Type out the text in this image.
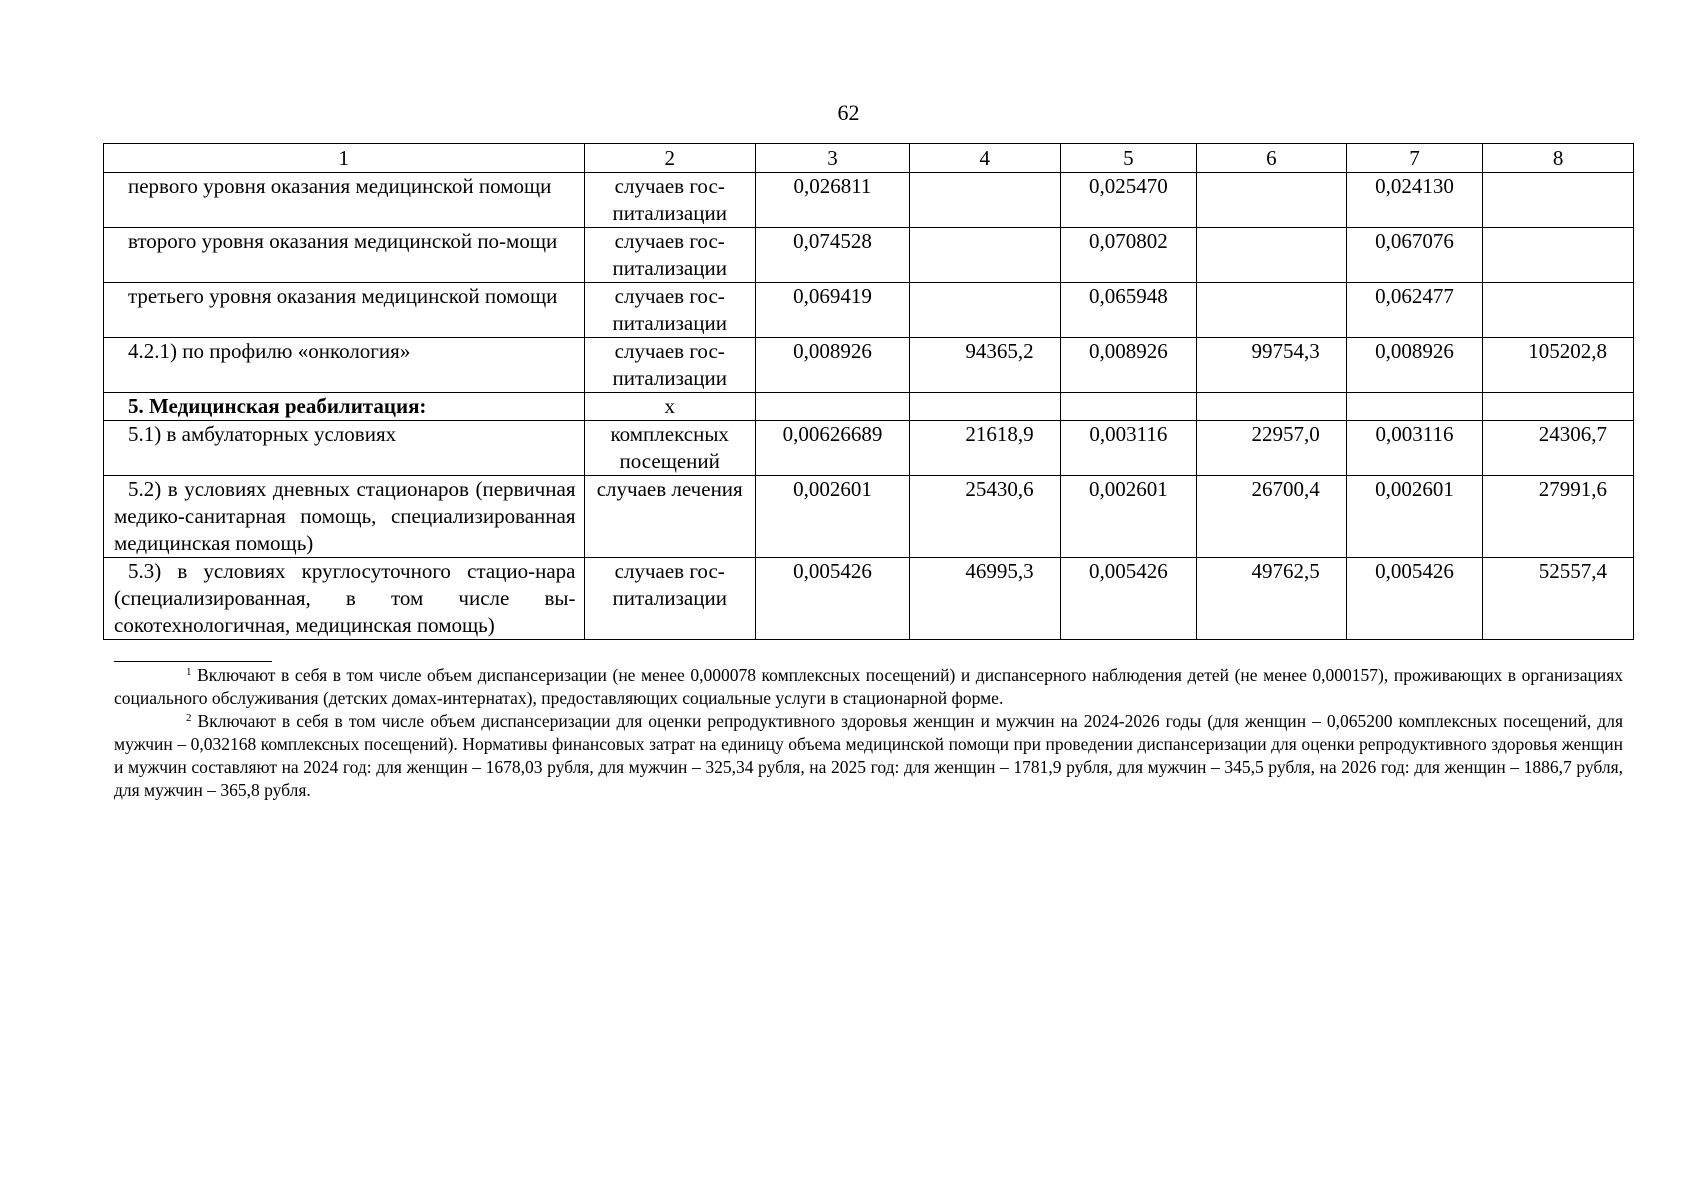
62
1	2	3	4	5	6	7	8

первого уровня оказания медицинской помощи	случаев гос-питализации	0,026811		0,025470		0,024130	

второго уровня оказания медицинской по-мощи	случаев гос-питализации	0,074528		0,070802		0,067076	

третьего уровня оказания медицинской помощи	случаев гос-питализации	0,069419		0,065948		0,062477	

4.2.1) по профилю «онкология»	случаев гос-питализации	0,008926	94365,2	0,008926	99754,3	0,008926	105202,8

5. Медицинская реабилитация:	х						

5.1) в амбулаторных условиях	комплексных посещений	0,00626689	21618,9	0,003116	22957,0	0,003116	24306,7

5.2) в условиях дневных стационаров (первичная медико-санитарная помощь, специализированная медицинская помощь)	случаев лечения	0,002601	25430,6	0,002601	26700,4	0,002601	27991,6

5.3) в условиях круглосуточного стацио-нара (специализированная, в том числе вы-сокотехнологичная, медицинская помощь)	случаев гос-питализации	0,005426	46995,3	0,005426	49762,5	0,005426	52557,4

$^1$ Включают в себя в том числе объем диспансеризации (не менее 0,000078 комплексных посещений) и диспансерного наблюдения детей (не менее 0,000157), проживающих в организациях социального обслуживания (детских домах-интернатах), предоставляющих социальные услуги в стационарной форме.

$^2$ Включают в себя в том числе объем диспансеризации для оценки репродуктивного здоровья женщин и мужчин на 2024-2026 годы (для женщин – 0,065200 комплексных посещений, для мужчин – 0,032168 комплексных посещений). Нормативы финансовых затрат на единицу объема медицинской помощи при проведении диспансеризации для оценки репродуктивного здоровья женщин и мужчин составляют на 2024 год: для женщин – 1678,03 рубля, для мужчин – 325,34 рубля, на 2025 год: для женщин – 1781,9 рубля, для мужчин – 345,5 рубля, на 2026 год: для женщин – 1886,7 рубля, для мужчин – 365,8 рубля.
